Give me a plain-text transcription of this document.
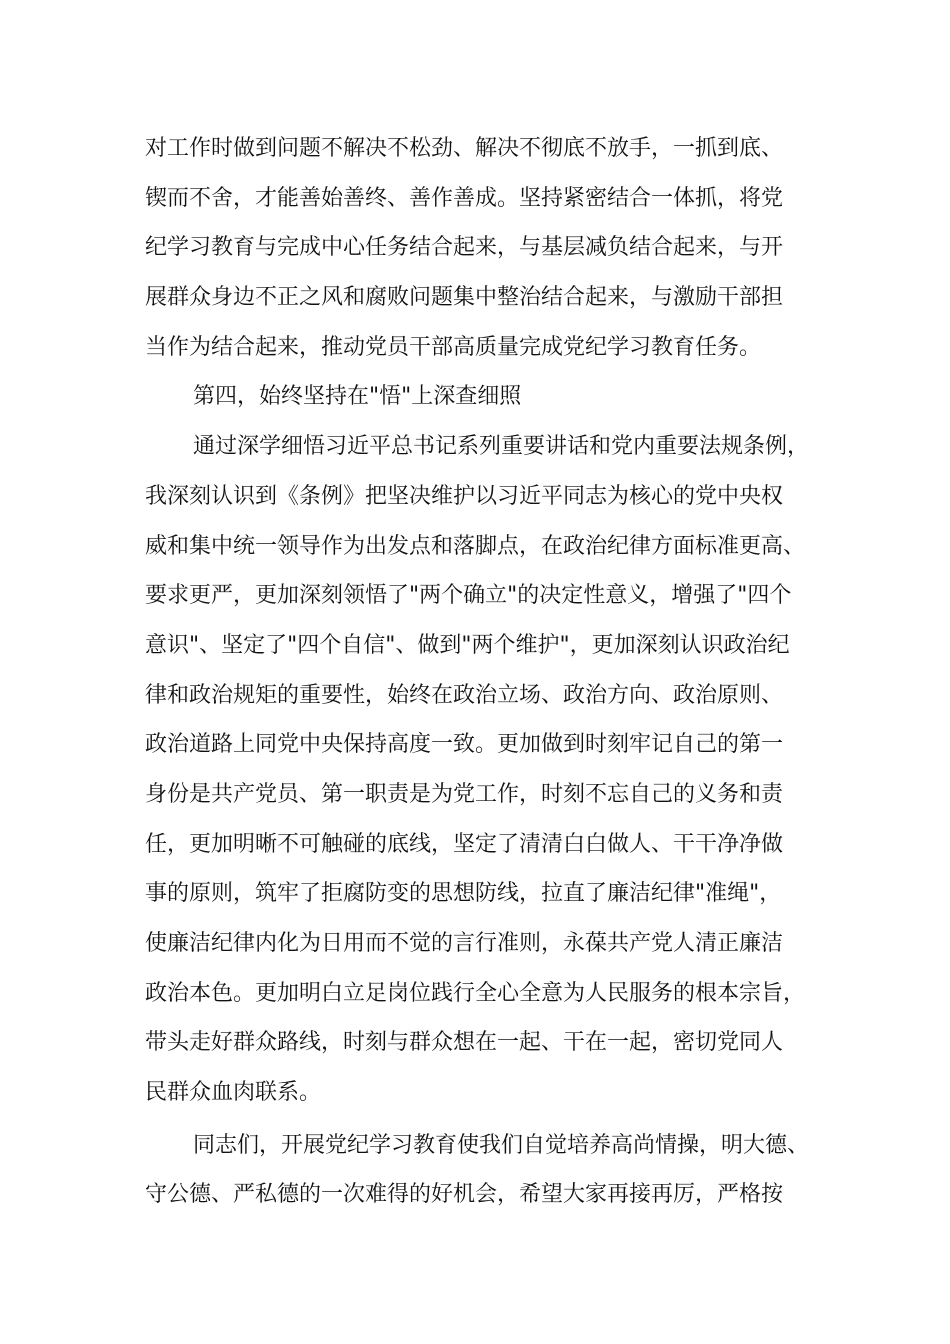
对工作时做到问题不解决不松劲、解决不彻底不放手，一抓到底、
锲而不舍，才能善始善终、善作善成。坚持紧密结合一体抓，将党
纪学习教育与完成中心任务结合起来，与基层减负结合起来，与开
展群众身边不正之风和腐败问题集中整治结合起来，与激励干部担
当作为结合起来，推动党员干部高质量完成党纪学习教育任务。
第四，始终坚持在"悟"上深查细照
通过深学细悟习近平总书记系列重要讲话和党内重要法规条例，
我深刻认识到《条例》把坚决维护以习近平同志为核心的党中央权
威和集中统一领导作为出发点和落脚点，在政治纪律方面标准更高、
要求更严，更加深刻领悟了"两个确立"的决定性意义，增强了"四个
意识"、坚定了"四个自信"、做到"两个维护"，更加深刻认识政治纪
律和政治规矩的重要性，始终在政治立场、政治方向、政治原则、
政治道路上同党中央保持高度一致。更加做到时刻牢记自己的第一
身份是共产党员、第一职责是为党工作，时刻不忘自己的义务和责
任，更加明晰不可触碰的底线，坚定了清清白白做人、干干净净做
事的原则，筑牢了拒腐防变的思想防线，拉直了廉洁纪律"准绳"，
使廉洁纪律内化为日用而不觉的言行准则，永葆共产党人清正廉洁
政治本色。更加明白立足岗位践行全心全意为人民服务的根本宗旨，
带头走好群众路线，时刻与群众想在一起、干在一起，密切党同人
民群众血肉联系。
同志们，开展党纪学习教育使我们自觉培养高尚情操，明大德、
守公德、严私德的一次难得的好机会，希望大家再接再厉，严格按
